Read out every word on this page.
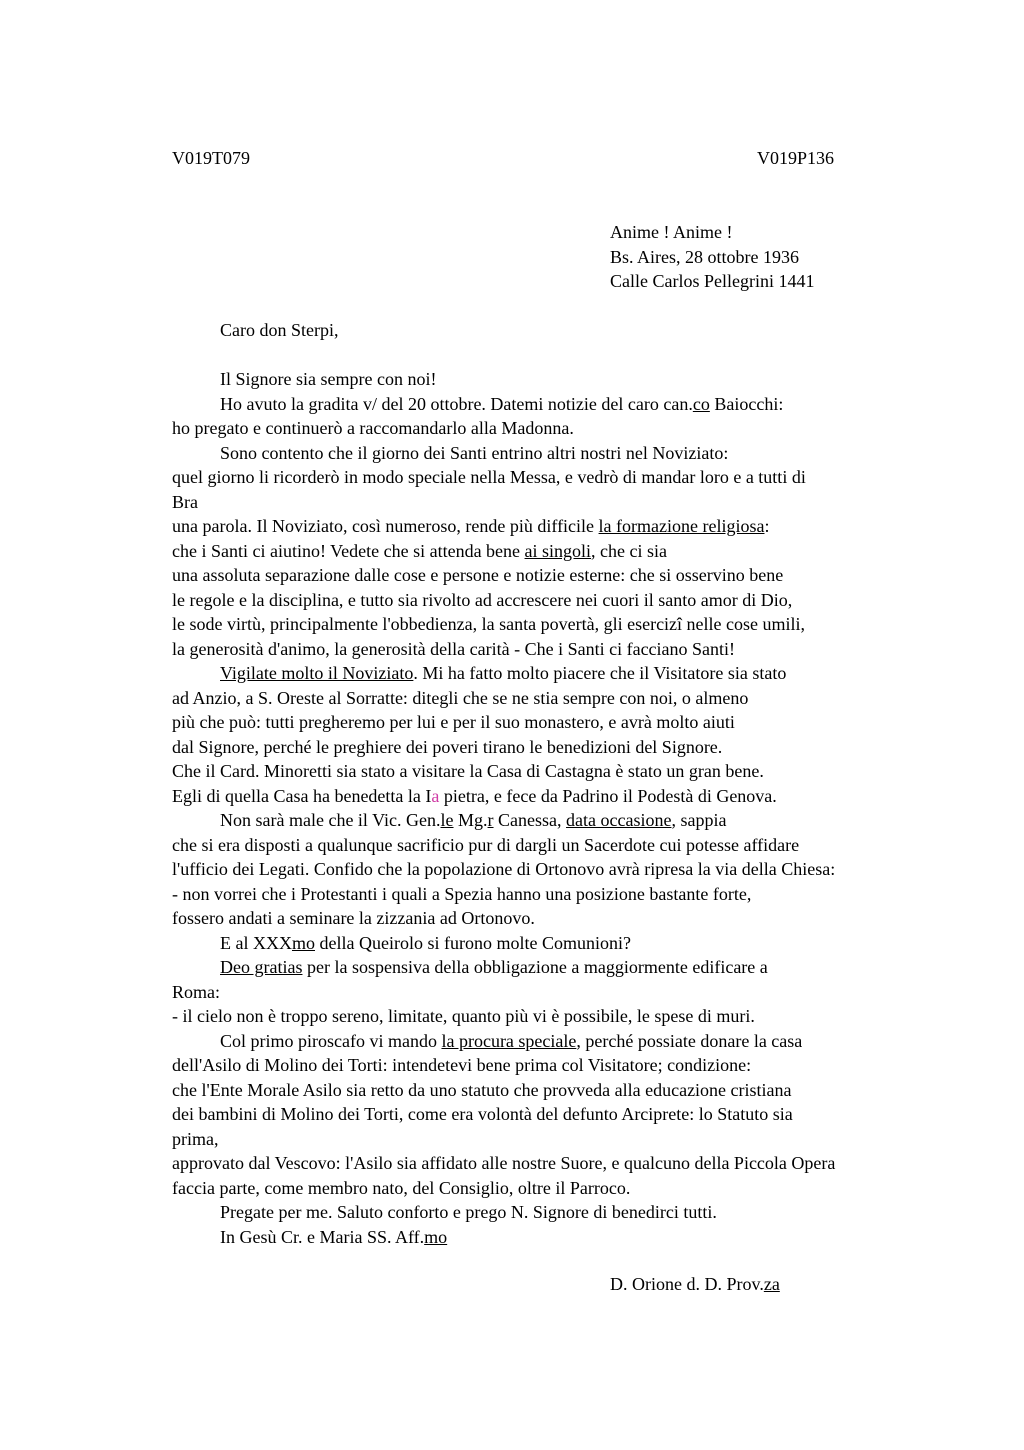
V019T079	V019P136
Anime ! Anime !
Bs. Aires, 28 ottobre 1936
Calle Carlos Pellegrini 1441
Caro don Sterpi,
Il Signore sia sempre con noi!
Ho avuto la gradita v/ del 20 ottobre. Datemi notizie del caro can.co Baiocchi:
ho pregato e continuerò a raccomandarlo alla Madonna.
Sono contento che il giorno dei Santi entrino altri nostri nel Noviziato:
quel giorno li ricorderò in modo speciale nella Messa, e vedrò di mandar loro e a tutti di
Bra
una parola. Il Noviziato, così numeroso, rende più difficile la formazione religiosa:
che i Santi ci aiutino! Vedete che si attenda bene ai singoli, che ci sia
una assoluta separazione dalle cose e persone e notizie esterne: che si osservino bene
le regole e la disciplina, e tutto sia rivolto ad accrescere nei cuori il santo amor di Dio,
le sode virtù, principalmente l'obbedienza, la santa povertà, gli esercizî nelle cose umili,
la generosità d'animo, la generosità della carità - Che i Santi ci facciano Santi!
Vigilate molto il Noviziato. Mi ha fatto molto piacere che il Visitatore sia stato
ad Anzio, a S. Oreste al Sorratte: ditegli che se ne stia sempre con noi, o almeno
più che può: tutti pregheremo per lui e per il suo monastero, e avrà molto aiuti
dal Signore, perché le preghiere dei poveri tirano le benedizioni del Signore.
Che il Card. Minoretti sia stato a visitare la Casa di Castagna è stato un gran bene.
Egli di quella Casa ha benedetta la Ia pietra, e fece da Padrino il Podestà di Genova.
Non sarà male che il Vic. Gen.le Mg.r Canessa, data occasione, sappia
che si era disposti a qualunque sacrificio pur di dargli un Sacerdote cui potesse affidare
l'ufficio dei Legati. Confido che la popolazione di Ortonovo avrà ripresa la via della Chiesa:
- non vorrei che i Protestanti i quali a Spezia hanno una posizione bastante forte,
fossero andati a seminare la zizzania ad Ortonovo.
E al XXXmo della Queirolo si furono molte Comunioni?
Deo gratias per la sospensiva della obbligazione a maggiormente edificare a
Roma:
- il cielo non è troppo sereno, limitate, quanto più vi è possibile, le spese di muri.
Col primo piroscafo vi mando la procura speciale, perché possiate donare la casa
dell'Asilo di Molino dei Torti: intendetevi bene prima col Visitatore; condizione:
che l'Ente Morale Asilo sia retto da uno statuto che provveda alla educazione cristiana
dei bambini di Molino dei Torti, come era volontà del defunto Arciprete: lo Statuto sia
prima,
approvato dal Vescovo: l'Asilo sia affidato alle nostre Suore, e qualcuno della Piccola Opera
faccia parte, come membro nato, del Consiglio, oltre il Parroco.
Pregate per me. Saluto conforto e prego N. Signore di benedirci tutti.
In Gesù Cr. e Maria SS. Aff.mo
D. Orione d. D. Prov.za
